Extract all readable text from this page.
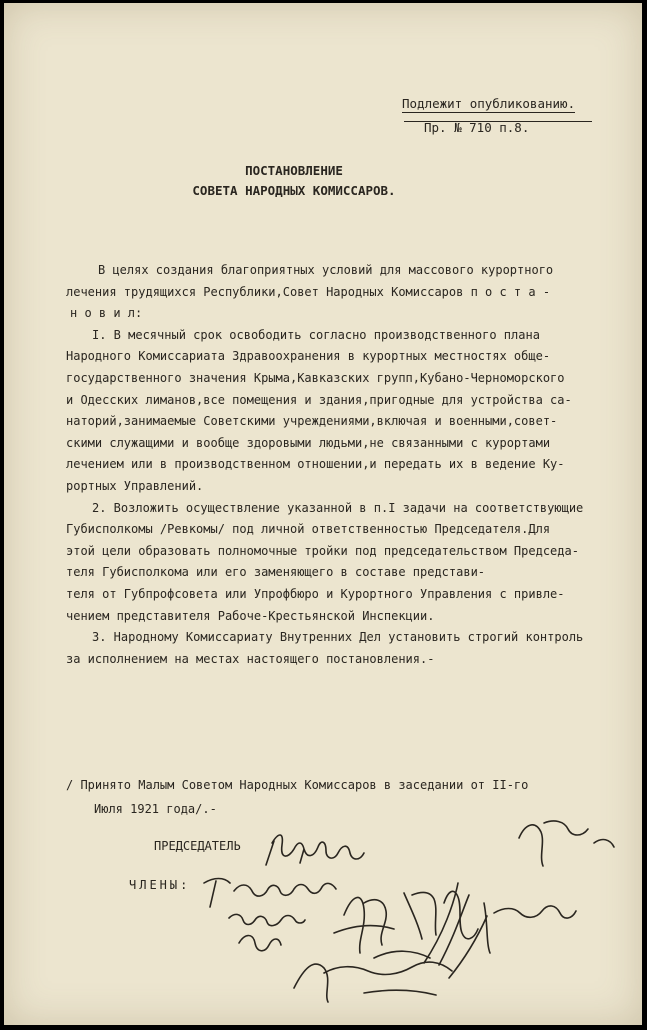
Подлежит опубликованию.
Пр. № 710 п.8.
ПОСТАНОВЛЕНИЕ
СОВЕТА НАРОДНЫХ КОМИССАРОВ.
В целях создания благоприятных условий для массового курортного
лечения трудящихся Республики,Совет Народных Комиссаров п о с т а -
н о в и л:
I. В месячный срок освободить согласно производственного плана
Народного Комиссариата Здравоохранения в курортных местностях обще-
государственного значения Крыма,Кавказских групп,Кубано-Черноморского
и Одесских лиманов,все помещения и здания,пригодные для устройства са-
наторий,занимаемые Советскими учреждениями,включая и военными,совет-
скими служащими и вообще здоровыми людьми,не связанными с курортами
лечением или в производственном отношении,и передать их в ведение Ку-
рортных Управлений.
2. Возложить осуществление указанной в п.I задачи на соответствующие
Губисполкомы /Ревкомы/ под личной ответственностью Председателя.Для
этой цели образовать полномочные тройки под председательством Председа-
теля Губисполкома или его заменяющего в составе представи-
теля от Губпрофсовета или Упрофбюро и Курортного Управления с привле-
чением представителя Рабоче-Крестьянской Инспекции.
3. Народному Комиссариату Внутренних Дел установить строгий контроль
за исполнением на местах настоящего постановления.-
/ Принято Малым Советом Народных Комиссаров в заседании от II-го
Июля 1921 года/.-
ПРЕДСЕДАТЕЛЬ
ЧЛЕНЫ:
